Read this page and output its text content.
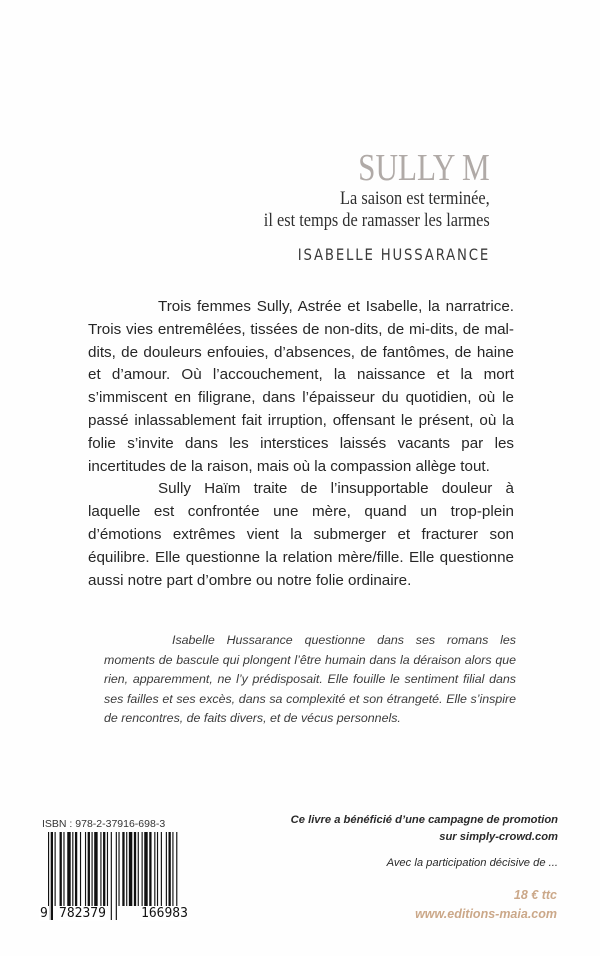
SULLY M
La saison est terminée,
il est temps de ramasser les larmes
ISABELLE HUSSARANCE

Trois femmes Sully, Astrée et Isabelle, la narratrice. Trois vies entremêlées, tissées de non-dits, de mi-dits, de mal-dits, de douleurs enfouies, d’absences, de fantômes, de haine et d’amour. Où l’accouchement, la naissance et la mort s’immiscent en filigrane, dans l’épaisseur du quotidien, où le passé inlassablement fait irruption, offensant le présent, où la folie s’invite dans les interstices laissés vacants par les incertitudes de la raison, mais où la compassion allège tout.

Sully Haïm traite de l’insupportable douleur à laquelle est confrontée une mère, quand un trop-plein d’émotions extrêmes vient la submerger et fracturer son équilibre. Elle questionne la relation mère/fille. Elle questionne aussi notre part d’ombre ou notre folie ordinaire.

Isabelle Hussarance questionne dans ses romans les moments de bascule qui plongent l’être humain dans la déraison alors que rien, apparemment, ne l’y prédisposait. Elle fouille le sentiment filial dans ses failles et ses excès, dans sa complexité et son étrangeté. Elle s’inspire de rencontres, de faits divers, et de vécus personnels.

ISBN : 978-2-37916-698-3
9 782379	166983
Ce livre a bénéficié d’une campagne de promotion
sur simply-crowd.com
Avec la participation décisive de ...
18 € ttc
www.editions-maia.com
